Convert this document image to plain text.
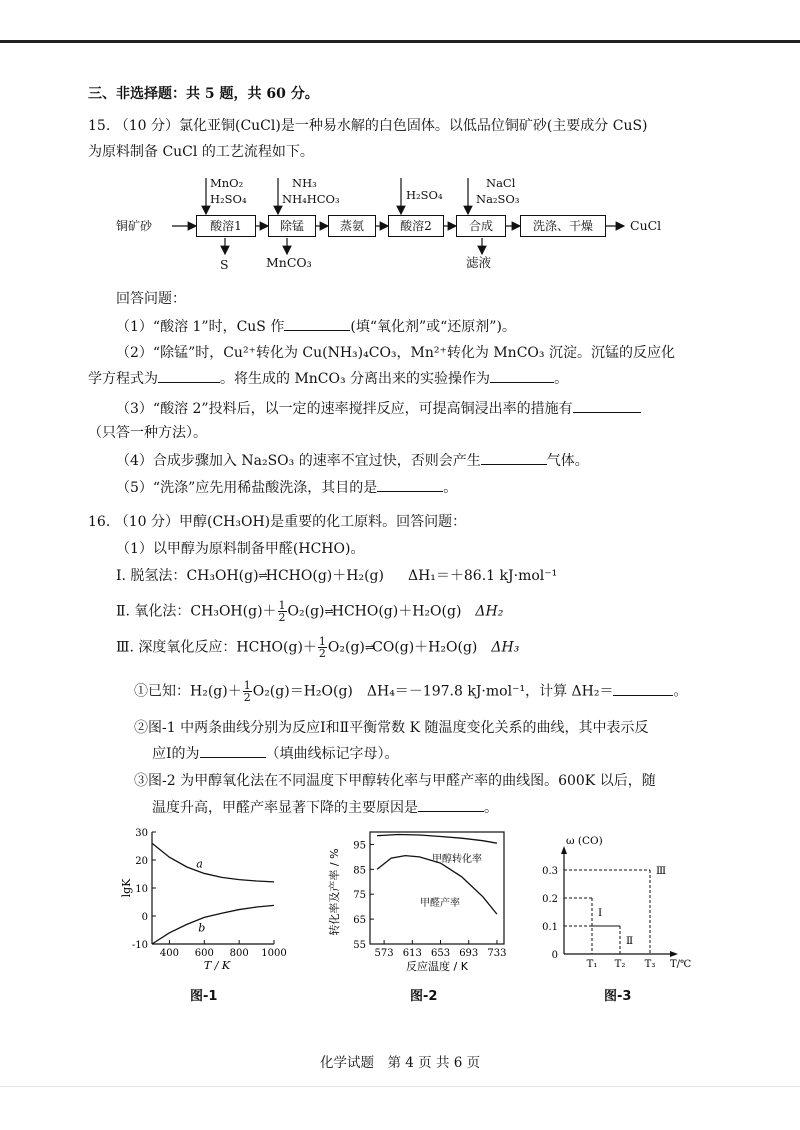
三、非选择题：共 5 题，共 60 分。
15. （10 分）氯化亚铜(CuCl)是一种易水解的白色固体。以低品位铜矿砂(主要成分 CuS)
为原料制备 CuCl 的工艺流程如下。
铜矿砂	酸溶1	除锰	蒸氨	酸溶2	合成	洗涤、干燥	CuCl
MnO₂
H₂SO₄
NH₃
NH₄HCO₃	H₂SO₄
NaCl
Na₂SO₃
S	MnCO₃	滤液
回答问题：
（1）“酸溶 1”时，CuS 作	(填“氧化剂”或“还原剂”)。
（2）“除锰”时，Cu²⁺转化为 Cu(NH₃)₄CO₃，Mn²⁺转化为 MnCO₃ 沉淀。沉锰的反应化
学方程式为	。将生成的 MnCO₃ 分离出来的实验操作为	。
（3）“酸溶 2”投料后，以一定的速率搅拌反应，可提高铜浸出率的措施有
（只答一种方法）。
（4）合成步骤加入 Na₂SO₃ 的速率不宜过快，否则会产生	气体。
（5）“洗涤”应先用稀盐酸洗涤，其目的是	。
16. （10 分）甲醇(CH₃OH)是重要的化工原料。回答问题：
（1）以甲醇为原料制备甲醛(HCHO)。
Ⅰ. 脱氢法：CH₃OH(g)⇌HCHO(g)＋H₂(g) ΔH₁＝＋86.1 kJ·mol⁻¹
Ⅱ. 氧化法：$CH_3OH(g)+ \frac{1}{2}$ O₂(g)⇌HCHO(g)＋H₂O(g) ΔH₂
Ⅲ. 深度氧化反应：HCHO(g)＋ $\frac{1}{2}$ O₂(g)⇌CO(g)＋H₂O(g) ΔH₃
①已知：$H_2(g)+ \frac{1}{2} O_2(g)=H_2O(g)$　ΔH₄＝－197.8 kJ·mol⁻¹，计算 ΔH₂＝	。
②图-1 中两条曲线分别为反应Ⅰ和Ⅱ平衡常数 K 随温度变化关系的曲线，其中表示反
应Ⅰ的为	（填曲线标记字母）。
③图-2 为甲醇氧化法在不同温度下甲醇转化率与甲醛产率的曲线图。600K 以后，随
温度升高，甲醛产率显著下降的主要原因是	。
30
20
10
0
-10
400 600 800 1000
T / K
lgK
a
b
95
85
75
65
55
573 613 653 693 733
反应温度 / K
转化率及产率 / %	甲醇转化率
甲醛产率
ω (CO)
0.3
0.2
0.1
0
Ⅰ
T₁
Ⅱ
T₂
Ⅲ
T₃ T/℃
图-1	图-2	图-3
化学试题　第 4 页 共 6 页
